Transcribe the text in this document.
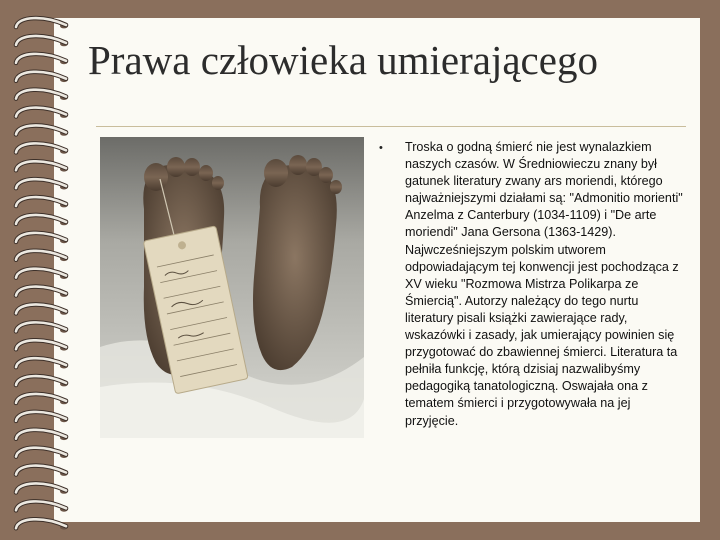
Prawa człowieka umierającego
• Troska o godną śmierć nie jest wynalazkiem naszych czasów. W Średniowieczu znany był gatunek literatury zwany ars moriendi, którego najważniejszymi działami są: "Admonitio morienti" Anzelma z Canterbury (1034-1109) i "De arte moriendi" Jana Gersona (1363-1429). Najwcześniejszym polskim utworem odpowiadającym tej konwencji jest pochodząca z XV wieku "Rozmowa Mistrza Polikarpa ze Śmiercią". Autorzy należący do tego nurtu literatury pisali książki zawierające rady, wskazówki i zasady, jak umierający powinien się przygotować do zbawiennej śmierci. Literatura ta pełniła funkcję, którą dzisiaj nazwalibyśmy pedagogiką tanatologiczną. Oswajała ona z tematem śmierci i przygotowywała na jej przyjęcie.
